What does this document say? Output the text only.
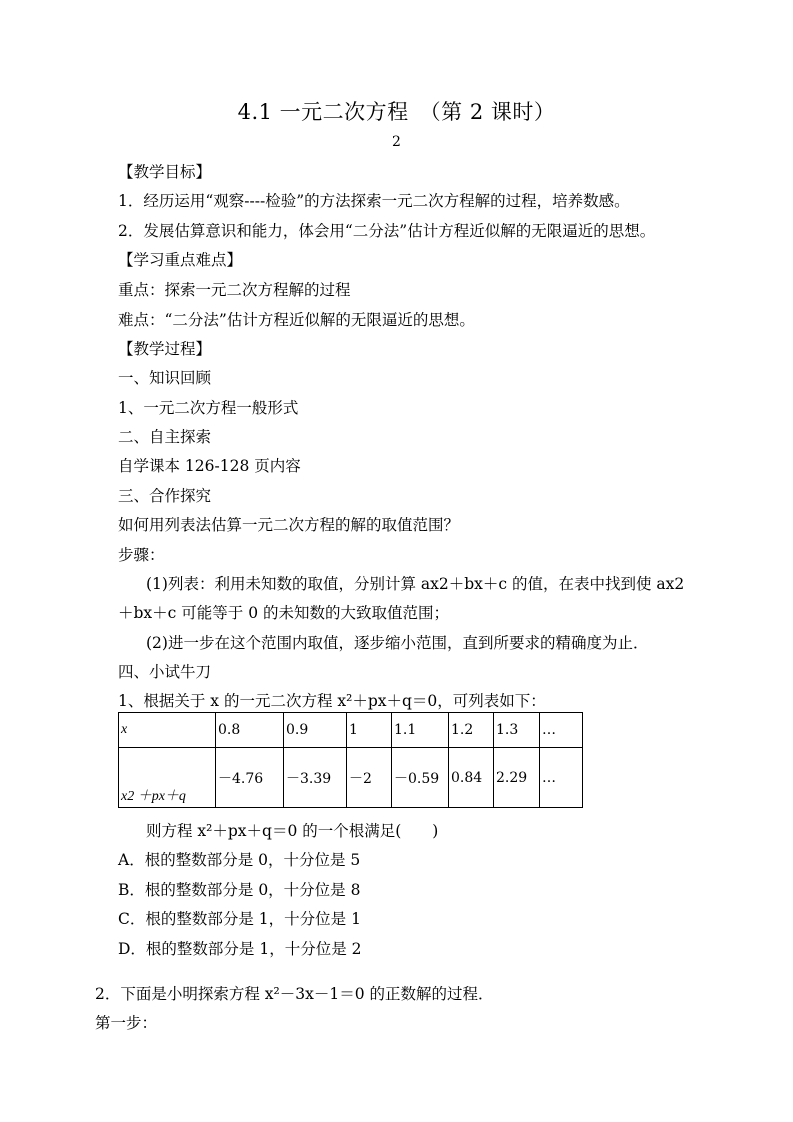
4.1 一元二次方程　（第 2 课时）
2
【教学目标】
1．经历运用“观察----检验”的方法探索一元二次方程解的过程，培养数感。
2．发展估算意识和能力，体会用“二分法”估计方程近似解的无限逼近的思想。
【学习重点难点】
重点：探索一元二次方程解的过程
难点：“二分法”估计方程近似解的无限逼近的思想。
【教学过程】
一、知识回顾
1、一元二次方程一般形式
二、自主探索
自学课本 126-128 页内容
三、合作探究
如何用列表法估算一元二次方程的解的取值范围？
步骤：
(1)列表：利用未知数的取值，分别计算 ax2＋bx＋c 的值，在表中找到使 ax2
＋bx＋c 可能等于 0 的未知数的大致取值范围；
(2)进一步在这个范围内取值，逐步缩小范围，直到所要求的精确度为止．
四、小试牛刀
1、根据关于 x 的一元二次方程 x²＋px＋q＝0，可列表如下：
x	0.8	0.9	1	1.1	1.2	1.3	…
x2 ＋px＋q	－4.76	－3.39	－2	－0.59	0.84	2.29	…
则方程 x²＋px＋q＝0 的一个根满足(　　)
A．根的整数部分是 0，十分位是 5
B．根的整数部分是 0，十分位是 8
C．根的整数部分是 1，十分位是 1
D．根的整数部分是 1，十分位是 2
2．下面是小明探索方程 x²－3x－1＝0 的正数解的过程．
第一步：
